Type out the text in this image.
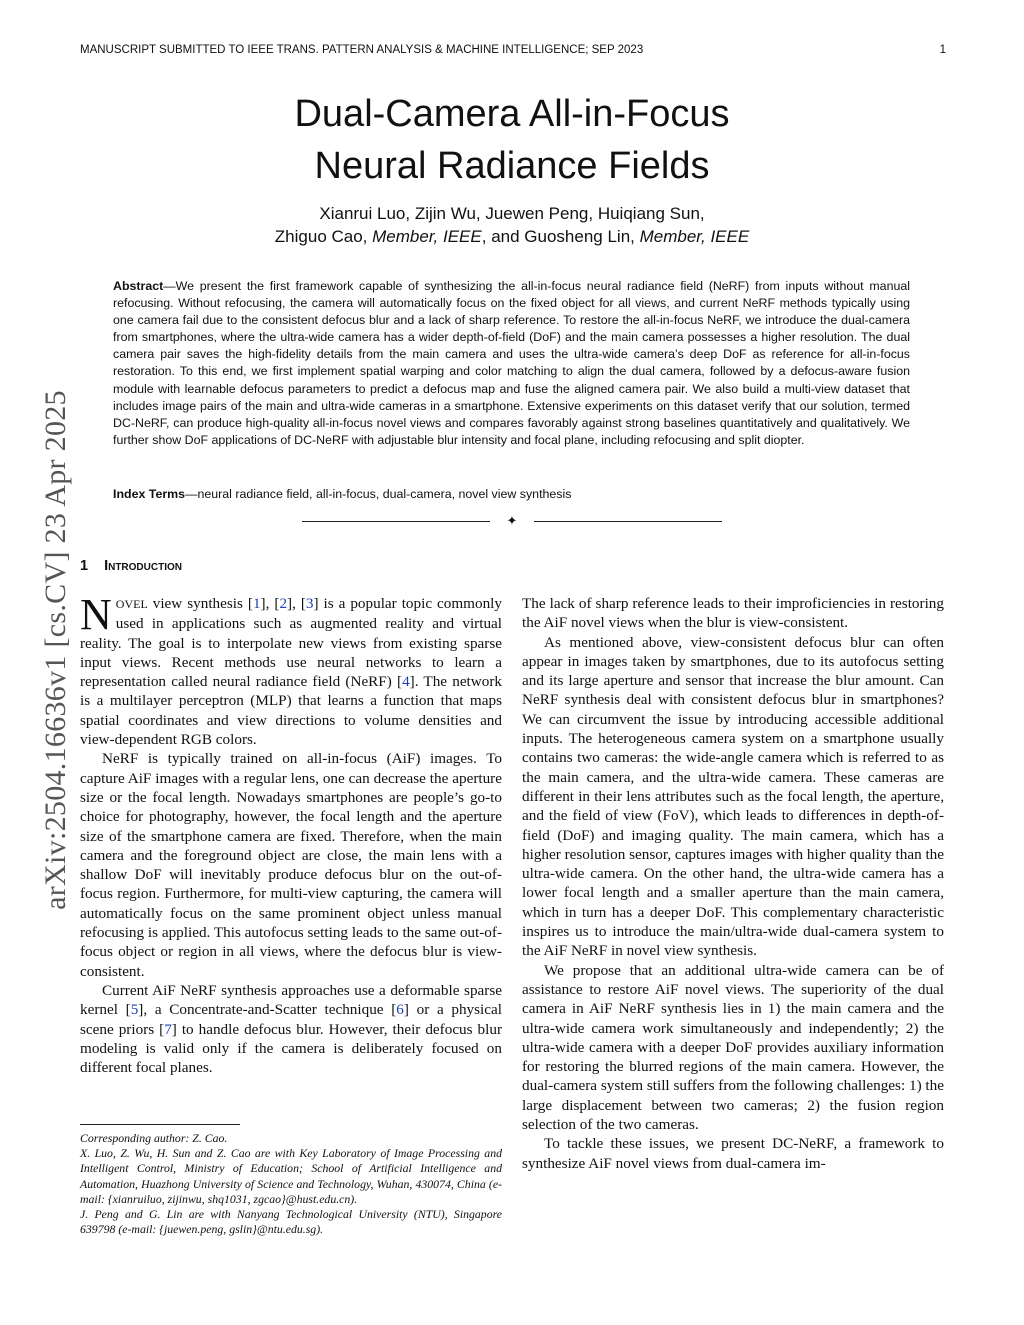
MANUSCRIPT SUBMITTED TO IEEE TRANS. PATTERN ANALYSIS & MACHINE INTELLIGENCE; SEP 2023	1
arXiv:2504.16636v1 [cs.CV] 23 Apr 2025
Dual-Camera All-in-Focus
Neural Radiance Fields
Xianrui Luo, Zijin Wu, Juewen Peng, Huiqiang Sun,
Zhiguo Cao, Member, IEEE, and Guosheng Lin, Member, IEEE

Abstract—We present the first framework capable of synthesizing the all-in-focus neural radiance field (NeRF) from inputs without manual refocusing. Without refocusing, the camera will automatically focus on the fixed object for all views, and current NeRF methods typically using one camera fail due to the consistent defocus blur and a lack of sharp reference. To restore the all-in-focus NeRF, we introduce the dual-camera from smartphones, where the ultra-wide camera has a wider depth-of-field (DoF) and the main camera possesses a higher resolution. The dual camera pair saves the high-fidelity details from the main camera and uses the ultra-wide camera’s deep DoF as reference for all-in-focus restoration. To this end, we first implement spatial warping and color matching to align the dual camera, followed by a defocus-aware fusion module with learnable defocus parameters to predict a defocus map and fuse the aligned camera pair. We also build a multi-view dataset that includes image pairs of the main and ultra-wide cameras in a smartphone. Extensive experiments on this dataset verify that our solution, termed DC-NeRF, can produce high-quality all-in-focus novel views and compares favorably against strong baselines quantitatively and qualitatively. We further show DoF applications of DC-NeRF with adjustable blur intensity and focal plane, including refocusing and split diopter.

Index Terms—neural radiance field, all-in-focus, dual-camera, novel view synthesis

✦
1 Introduction

NOVEL view synthesis [1], [2], [3] is a popular topic commonly used in applications such as augmented reality and virtual reality. The goal is to interpolate new views from existing sparse input views. Recent methods use neural networks to learn a representation called neural radiance field (NeRF) [4]. The network is a multilayer perceptron (MLP) that learns a function that maps spatial coordinates and view directions to volume densities and view-dependent RGB colors.

NeRF is typically trained on all-in-focus (AiF) images. To capture AiF images with a regular lens, one can decrease the aperture size or the focal length. Nowadays smartphones are people’s go-to choice for photography, however, the focal length and the aperture size of the smartphone camera are fixed. Therefore, when the main camera and the foreground object are close, the main lens with a shallow DoF will inevitably produce defocus blur on the out-of-focus region. Furthermore, for multi-view capturing, the camera will automatically focus on the same prominent object unless manual refocusing is applied. This autofocus setting leads to the same out-of-focus object or region in all views, where the defocus blur is view-consistent.

Current AiF NeRF synthesis approaches use a deformable sparse kernel [5], a Concentrate-and-Scatter technique [6] or a physical scene priors [7] to handle defocus blur. However, their defocus blur modeling is valid only if the camera is deliberately focused on different focal planes.

Corresponding author: Z. Cao.

X. Luo, Z. Wu, H. Sun and Z. Cao are with Key Laboratory of Image Processing and Intelligent Control, Ministry of Education; School of Artificial Intelligence and Automation, Huazhong University of Science and Technology, Wuhan, 430074, China (e-mail: {xianruiluo, zijinwu, shq1031, zgcao}@hust.edu.cn).

J. Peng and G. Lin are with Nanyang Technological University (NTU), Singapore 639798 (e-mail: {juewen.peng, gslin}@ntu.edu.sg).

The lack of sharp reference leads to their improficiencies in restoring the AiF novel views when the blur is view-consistent.

As mentioned above, view-consistent defocus blur can often appear in images taken by smartphones, due to its autofocus setting and its large aperture and sensor that increase the blur amount. Can NeRF synthesis deal with consistent defocus blur in smartphones? We can circumvent the issue by introducing accessible additional inputs. The heterogeneous camera system on a smartphone usually contains two cameras: the wide-angle camera which is referred to as the main camera, and the ultra-wide camera. These cameras are different in their lens attributes such as the focal length, the aperture, and the field of view (FoV), which leads to differences in depth-of-field (DoF) and imaging quality. The main camera, which has a higher resolution sensor, captures images with higher quality than the ultra-wide camera. On the other hand, the ultra-wide camera has a lower focal length and a smaller aperture than the main camera, which in turn has a deeper DoF. This complementary characteristic inspires us to introduce the main/ultra-wide dual-camera system to the AiF NeRF in novel view synthesis.

We propose that an additional ultra-wide camera can be of assistance to restore AiF novel views. The superiority of the dual camera in AiF NeRF synthesis lies in 1) the main camera and the ultra-wide camera work simultaneously and independently; 2) the ultra-wide camera with a deeper DoF provides auxiliary information for restoring the blurred regions of the main camera. However, the dual-camera system still suffers from the following challenges: 1) the large displacement between two cameras; 2) the fusion region selection of the two cameras.

To tackle these issues, we present DC-NeRF, a framework to synthesize AiF novel views from dual-camera im-
